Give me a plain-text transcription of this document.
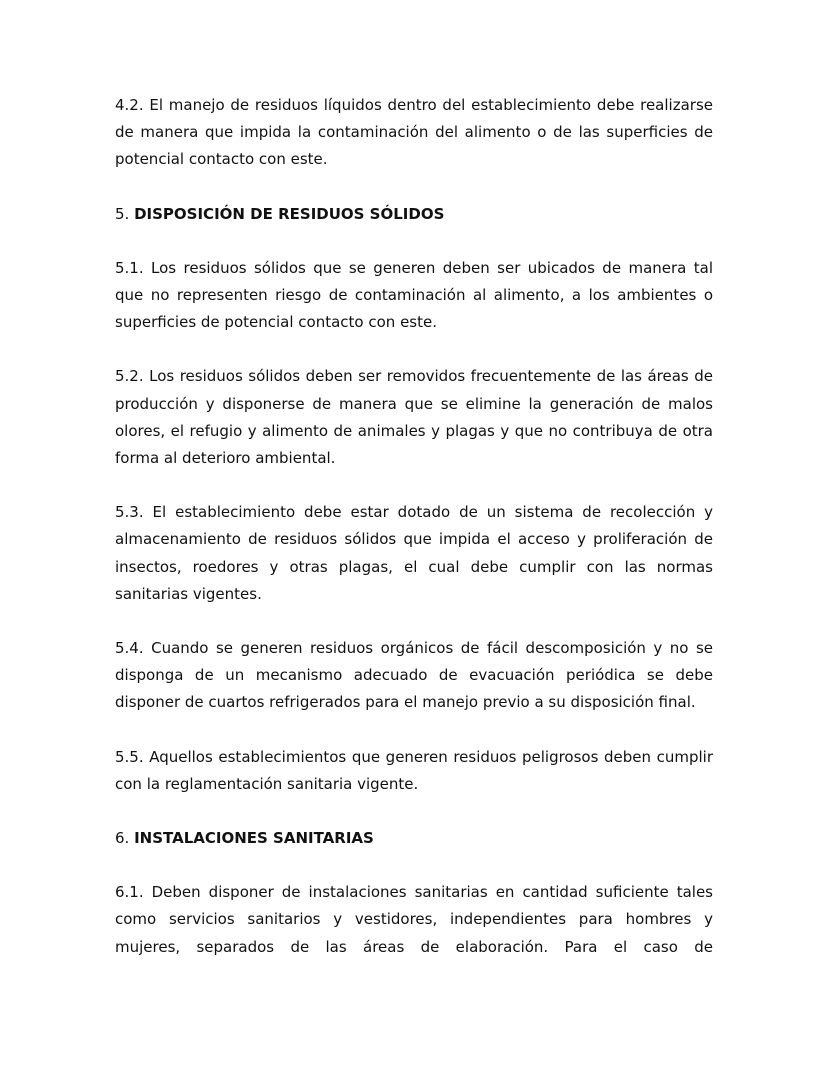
4.2. El manejo de residuos líquidos dentro del establecimiento debe realizarse de manera que impida la contaminación del alimento o de las superficies de potencial contacto con este.

5. DISPOSICIÓN DE RESIDUOS SÓLIDOS

5.1. Los residuos sólidos que se generen deben ser ubicados de manera tal que no representen riesgo de contaminación al alimento, a los ambientes o superficies de potencial contacto con este.

5.2. Los residuos sólidos deben ser removidos frecuentemente de las áreas de producción y disponerse de manera que se elimine la generación de malos olores, el refugio y alimento de animales y plagas y que no contribuya de otra forma al deterioro ambiental.

5.3. El establecimiento debe estar dotado de un sistema de recolección y almacenamiento de residuos sólidos que impida el acceso y proliferación de insectos, roedores y otras plagas, el cual debe cumplir con las normas sanitarias vigentes.

5.4. Cuando se generen residuos orgánicos de fácil descomposición y no se disponga de un mecanismo adecuado de evacuación periódica se debe disponer de cuartos refrigerados para el manejo previo a su disposición final.

5.5. Aquellos establecimientos que generen residuos peligrosos deben cumplir con la reglamentación sanitaria vigente.

6. INSTALACIONES SANITARIAS

6.1. Deben disponer de instalaciones sanitarias en cantidad suficiente tales como servicios sanitarios y vestidores, independientes para hombres y mujeres, separados de las áreas de elaboración. Para el caso de
